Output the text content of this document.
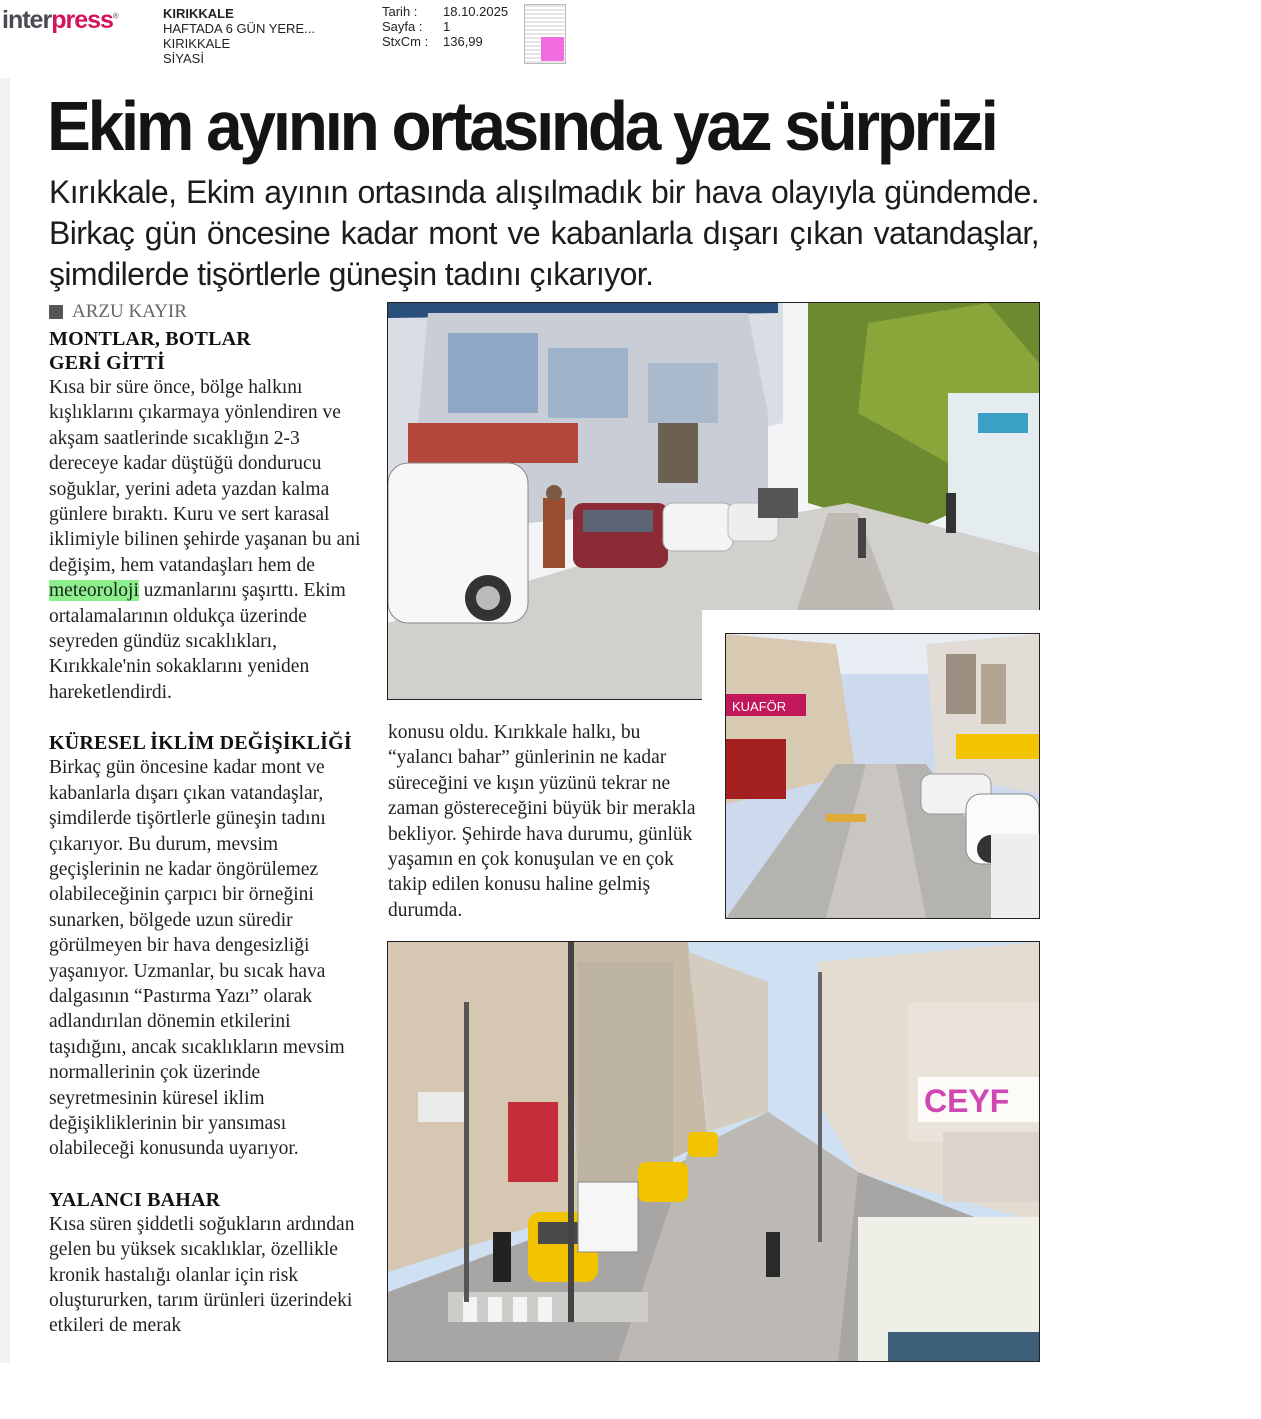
interpress®	KIRIKKALE
HAFTADA 6 GÜN YERE...
KIRIKKALE
SİYASİ
Tarih :	18.10.2025
Sayfa :	1
StxCm :	136,99
Ekim ayının ortasında yaz sürprizi

Kırıkkale, Ekim ayının ortasında alışılmadık bir hava olayıyla gündemde. Birkaç gün öncesine kadar mont ve kabanlarla dışarı çıkan vatandaşlar, şimdilerde tişörtlerle güneşin tadını çıkarıyor.

ARZU KAYIR
MONTLAR, BOTLAR
GERİ GİTTİ

Kısa bir süre önce, bölge halkını kışlıklarını çıkarmaya yönlendiren ve akşam saatlerinde sıcaklığın 2-3 dereceye kadar düştüğü dondurucu soğuklar, yerini adeta yazdan kalma günlere bıraktı. Kuru ve sert karasal iklimiyle bilinen şehirde yaşanan bu ani değişim, hem vatandaşları hem de meteoroloji uzmanlarını şaşırttı. Ekim ortalamalarının oldukça üzerinde seyreden gündüz sıcaklıkları, Kırıkkale'nin sokaklarını yeniden hareketlendirdi.

KÜRESEL İKLİM DEĞİŞİKLİĞİ

Birkaç gün öncesine kadar mont ve kabanlarla dışarı çıkan vatandaşlar, şimdilerde tişörtlerle güneşin tadını çıkarıyor. Bu durum, mevsim geçişlerinin ne kadar öngörülemez olabileceğinin çarpıcı bir örneğini sunarken, bölgede uzun süredir görülmeyen bir hava dengesizliği yaşanıyor. Uzmanlar, bu sıcak hava dalgasının “Pastırma Yazı” olarak adlandırılan dönemin etkilerini taşıdığını, ancak sıcaklıkların mevsim normallerinin çok üzerinde seyretmesinin küresel iklim değişikliklerinin bir yansıması olabileceği konusunda uyarıyor.

YALANCI BAHAR

Kısa süren şiddetli soğukların ardından gelen bu yüksek sıcaklıklar, özellikle kronik hastalığı olanlar için risk oluştururken, tarım ürünleri üzerindeki etkileri de merak

konusu oldu. Kırıkkale halkı, bu “yalancı bahar” günlerinin ne kadar süreceğini ve kışın yüzünü tekrar ne zaman göstereceğini büyük bir merakla bekliyor. Şehirde hava durumu, günlük yaşamın en çok konuşulan ve en çok takip edilen konusu haline gelmiş durumda.

KUAFÖR
CEYF
